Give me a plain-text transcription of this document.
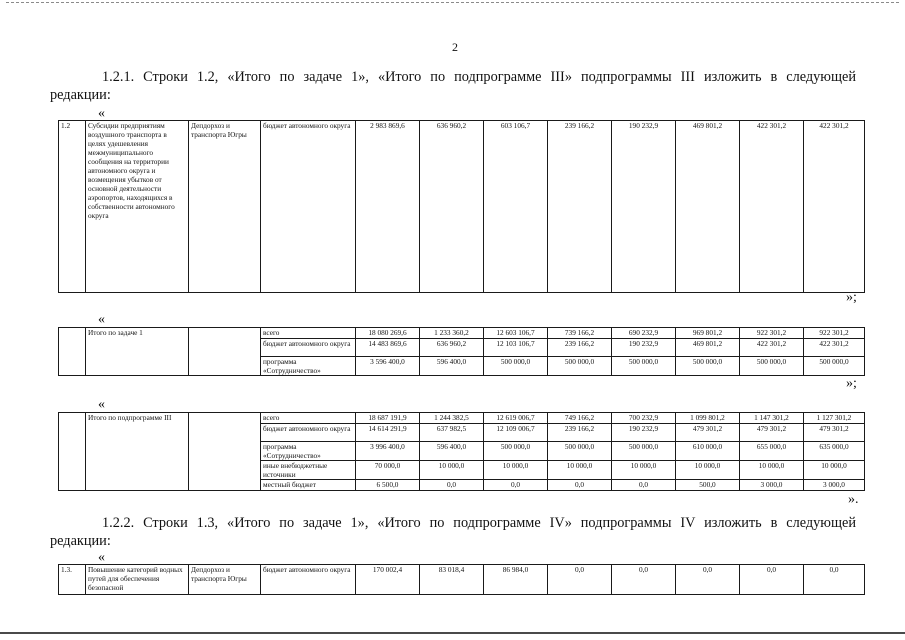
2
1.2.1. Строки 1.2, «Итого по задаче 1», «Итого по подпрограмме III» подпрограммы III изложить в следующей
редакции:
«
1.2	Субсидии предприятиям воздушного транспорта в целях удешевления межмуниципального сообщения на территории автономного округа и возмещения убытков от основной деятельности аэропортов, находящихся в собственности автономного округа	Депдорхоз и транспорта Югры	бюджет автономного округа	2 983 869,6	636 960,2	603 106,7	239 166,2	190 232,9	469 801,2	422 301,2	422 301,2
»;
«
	Итого по задаче 1		всего	18 080 269,6	1 233 360,2	12 603 106,7	739 166,2	690 232,9	969 801,2	922 301,2	922 301,2
			бюджет автономного округа	14 483 869,6	636 960,2	12 103 106,7	239 166,2	190 232,9	469 801,2	422 301,2	422 301,2
			программа «Сотрудничество»	3 596 400,0	596 400,0	500 000,0	500 000,0	500 000,0	500 000,0	500 000,0	500 000,0
»;
«
	Итого по подпрограмме III		всего	18 687 191,9	1 244 382,5	12 619 006,7	749 166,2	700 232,9	1 099 801,2	1 147 301,2	1 127 301,2
			бюджет автономного округа	14 614 291,9	637 982,5	12 109 006,7	239 166,2	190 232,9	479 301,2	479 301,2	479 301,2
			программа «Сотрудничество»	3 996 400,0	596 400,0	500 000,0	500 000,0	500 000,0	610 000,0	655 000,0	635 000,0
			иные внебюджетные источники	70 000,0	10 000,0	10 000,0	10 000,0	10 000,0	10 000,0	10 000,0	10 000,0
			местный бюджет	6 500,0	0,0	0,0	0,0	0,0	500,0	3 000,0	3 000,0
».
1.2.2. Строки 1.3, «Итого по задаче 1», «Итого по подпрограмме IV» подпрограммы IV изложить в следующей
редакции:
«
1.3.	Повышение категорий водных путей для обеспечения безопасной	Депдорхоз и транспорта Югры	бюджет автономного округа	170 002,4	83 018,4	86 984,0	0,0	0,0	0,0	0,0	0,0
